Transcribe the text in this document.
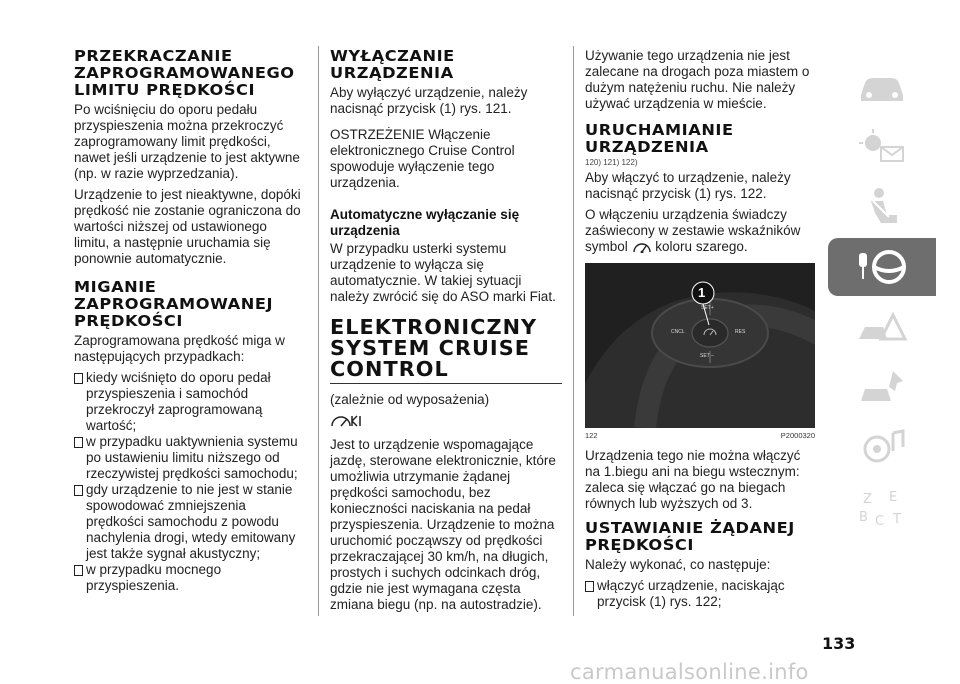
PRZEKRACZANIE ZAPROGRAMOWANEGO LIMITU PRĘDKOŚCI

Po wciśnięciu do oporu pedału przyspieszenia można przekroczyć zaprogramowany limit prędkości, nawet jeśli urządzenie to jest aktywne (np. w razie wyprzedzania).

Urządzenie to jest nieaktywne, dopóki prędkość nie zostanie ograniczona do wartości niższej od ustawionego limitu, a następnie uruchamia się ponownie automatycznie.

MIGANIE ZAPROGRAMOWANEJ PRĘDKOŚCI

Zaprogramowana prędkość miga w następujących przypadkach:

kiedy wciśnięto do oporu pedał przyspieszenia i samochód przekroczył zaprogramowaną wartość;
w przypadku uaktywnienia systemu po ustawieniu limitu niższego od rzeczywistej prędkości samochodu;
gdy urządzenie to nie jest w stanie spowodować zmniejszenia prędkości samochodu z powodu nachylenia drogi, wtedy emitowany jest także sygnał akustyczny;
w przypadku mocnego przyspieszenia.
WYŁĄCZANIE URZĄDZENIA

Aby wyłączyć urządzenie, należy nacisnąć przycisk (1) rys. 121.

OSTRZEŻENIE Włączenie elektronicznego Cruise Control spowoduje wyłączenie tego urządzenia.

Automatyczne wyłączanie się urządzenia

W przypadku usterki systemu urządzenie to wyłącza się automatycznie. W takiej sytuacji należy zwrócić się do ASO marki Fiat.

ELEKTRONICZNY SYSTEM CRUISE CONTROL

(zależnie od wyposażenia)

Jest to urządzenie wspomagające jazdę, sterowane elektronicznie, które umożliwia utrzymanie żądanej prędkości samochodu, bez konieczności naciskania na pedał przyspieszenia. Urządzenie to można uruchomić począwszy od prędkości przekraczającej 30 km/h, na długich, prostych i suchych odcinkach dróg, gdzie nie jest wymagana częsta zmiana biegu (np. na autostradzie).

Używanie tego urządzenia nie jest zalecane na drogach poza miastem o dużym natężeniu ruchu. Nie należy używać urządzenia w mieście.

URUCHAMIANIE URZĄDZENIA
120) 121) 122)

Aby włączyć to urządzenie, należy nacisnąć przycisk (1) rys. 122.

O włączeniu urządzenia świadczy zaświecony w zestawie wskaźników symbol koloru szarego.

1
SET+
CNCL	RES
SET –
122	P2000320

Urządzenia tego nie można włączyć na 1.biegu ani na biegu wstecznym: zaleca się włączać go na biegach równych lub wyższych od 3.

USTAWIANIE ŻĄDANEJ PRĘDKOŚCI

Należy wykonać, co następuje:

włączyć urządzenie, naciskając przycisk (1) rys. 122;
Z E
B C T
133
carmanualsonline.info
